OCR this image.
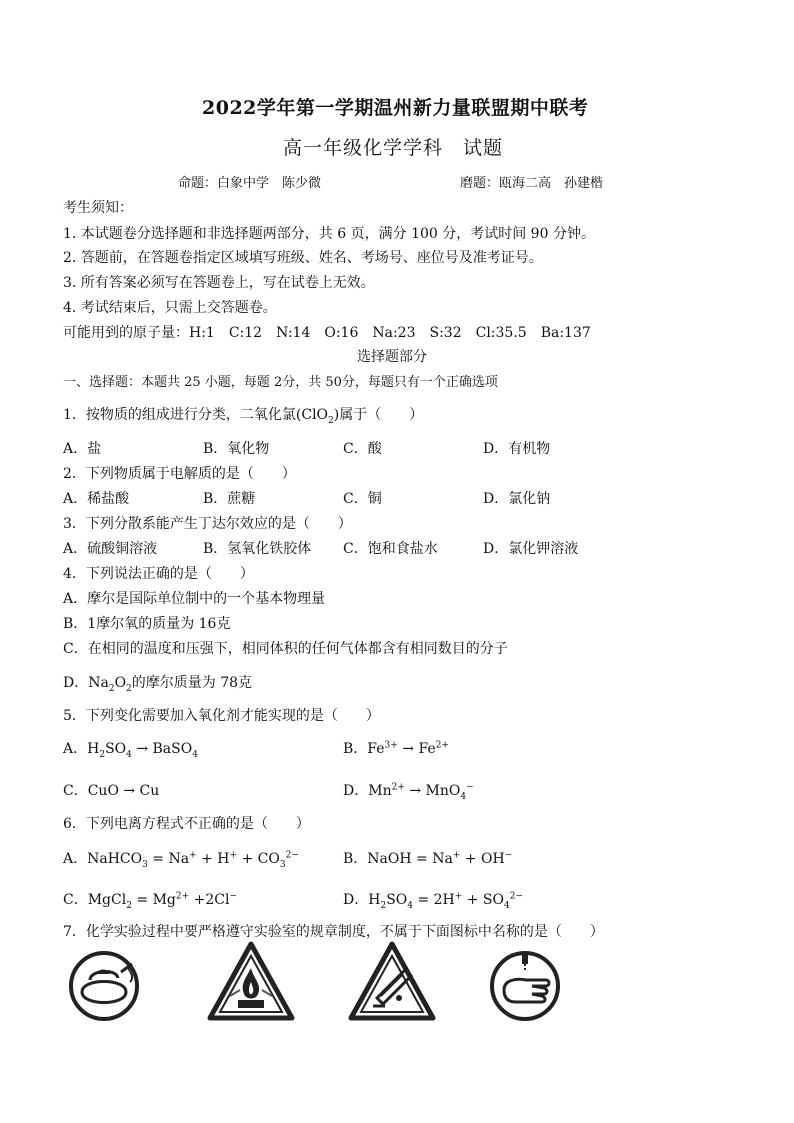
2022学年第一学期温州新力量联盟期中联考
高一年级化学学科　试题
命题：白象中学　陈少微	磨题：瓯海二高　孙建楷
考生须知：
1. 本试题卷分选择题和非选择题两部分，共 6 页，满分 100 分，考试时间 90 分钟。
2. 答题前，在答题卷指定区域填写班级、姓名、考场号、座位号及准考证号。
3. 所有答案必须写在答题卷上，写在试卷上无效。
4. 考试结束后，只需上交答题卷。
可能用到的原子量：H:1　C:12　N:14　O:16　Na:23　S:32　Cl:35.5　Ba:137
选择题部分
一、选择题：本题共 25 小题，每题 2分，共 50分，每题只有一个正确选项
1．按物质的组成进行分类，二氧化氯(ClO$_2$)属于（　　）
A．盐	B．氧化物	C．酸	D．有机物
2．下列物质属于电解质的是（　　）
A．稀盐酸	B．蔗糖	C．铜	D．氯化钠
3．下列分散系能产生丁达尔效应的是（　　）
A．硫酸铜溶液	B．氢氧化铁胶体 C．饱和食盐水	D．氯化钾溶液
4．下列说法正确的是（　　）
A．摩尔是国际单位制中的一个基本物理量
B．1摩尔氧的质量为 16克
C．在相同的温度和压强下，相同体积的任何气体都含有相同数目的分子
D．$Na_2O_2$的摩尔质量为 78克
5．下列变化需要加入氧化剂才能实现的是（　　）
A．$H_2SO_4$ → BaSO$_4$	B．$Fe^{3+} \to Fe^{2+}$
C．CuO → Cu	D．$Mn^{2+} \to MnO_4^-$
6．下列电离方程式不正确的是（　　）
A．NaHCO$_3$ = $Na^+ + H^+ + CO_3^{2-}$	B．NaOH = Na+ + OH−
C．MgCl$_2$ = $Mg^{2+} +2Cl^-$	D．$H_2SO_4 = 2H^+ + SO_4^{2-}$
7．化学实验过程中要严格遵守实验室的规章制度，不属于下面图标中名称的是（　　）
